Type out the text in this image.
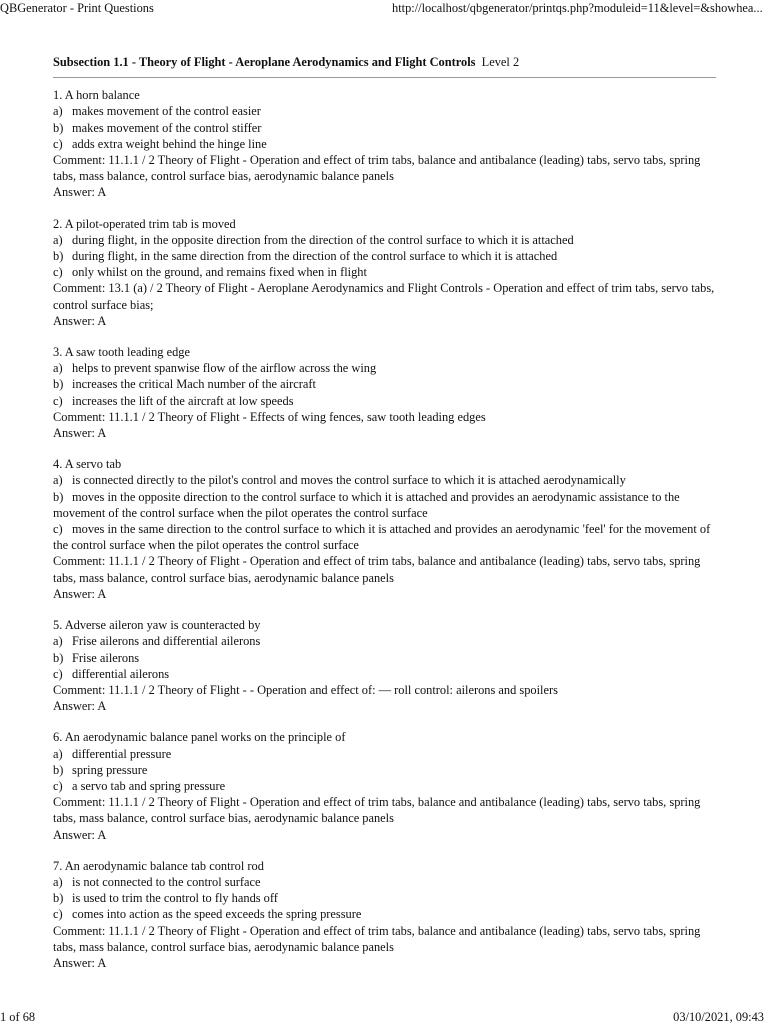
QBGenerator - Print Questions	http://localhost/qbgenerator/printqs.php?moduleid=11&level=&showhea...
Subsection 1.1 - Theory of Flight - Aeroplane Aerodynamics and Flight Controls Level 2
1. A horn balance
a) makes movement of the control easier
b) makes movement of the control stiffer
c) adds extra weight behind the hinge line
Comment: 11.1.1 / 2 Theory of Flight - Operation and effect of trim tabs, balance and antibalance (leading) tabs, servo tabs, spring tabs, mass balance, control surface bias, aerodynamic balance panels
Answer: A
2. A pilot-operated trim tab is moved
a) during flight, in the opposite direction from the direction of the control surface to which it is attached
b) during flight, in the same direction from the direction of the control surface to which it is attached
c) only whilst on the ground, and remains fixed when in flight
Comment: 13.1 (a) / 2 Theory of Flight - Aeroplane Aerodynamics and Flight Controls - Operation and effect of trim tabs, servo tabs, control surface bias;
Answer: A
3. A saw tooth leading edge
a) helps to prevent spanwise flow of the airflow across the wing
b) increases the critical Mach number of the aircraft
c) increases the lift of the aircraft at low speeds
Comment: 11.1.1 / 2 Theory of Flight - Effects of wing fences, saw tooth leading edges
Answer: A
4. A servo tab
a) is connected directly to the pilot's control and moves the control surface to which it is attached aerodynamically
b) moves in the opposite direction to the control surface to which it is attached and provides an aerodynamic assistance to the movement of the control surface when the pilot operates the control surface
c) moves in the same direction to the control surface to which it is attached and provides an aerodynamic 'feel' for the movement of the control surface when the pilot operates the control surface
Comment: 11.1.1 / 2 Theory of Flight - Operation and effect of trim tabs, balance and antibalance (leading) tabs, servo tabs, spring tabs, mass balance, control surface bias, aerodynamic balance panels
Answer: A
5. Adverse aileron yaw is counteracted by
a) Frise ailerons and differential ailerons
b) Frise ailerons
c) differential ailerons
Comment: 11.1.1 / 2 Theory of Flight - - Operation and effect of: — roll control: ailerons and spoilers
Answer: A
6. An aerodynamic balance panel works on the principle of
a) differential pressure
b) spring pressure
c) a servo tab and spring pressure
Comment: 11.1.1 / 2 Theory of Flight - Operation and effect of trim tabs, balance and antibalance (leading) tabs, servo tabs, spring tabs, mass balance, control surface bias, aerodynamic balance panels
Answer: A
7. An aerodynamic balance tab control rod
a) is not connected to the control surface
b) is used to trim the control to fly hands off
c) comes into action as the speed exceeds the spring pressure
Comment: 11.1.1 / 2 Theory of Flight - Operation and effect of trim tabs, balance and antibalance (leading) tabs, servo tabs, spring tabs, mass balance, control surface bias, aerodynamic balance panels
Answer: A
1 of 68	03/10/2021, 09:43
